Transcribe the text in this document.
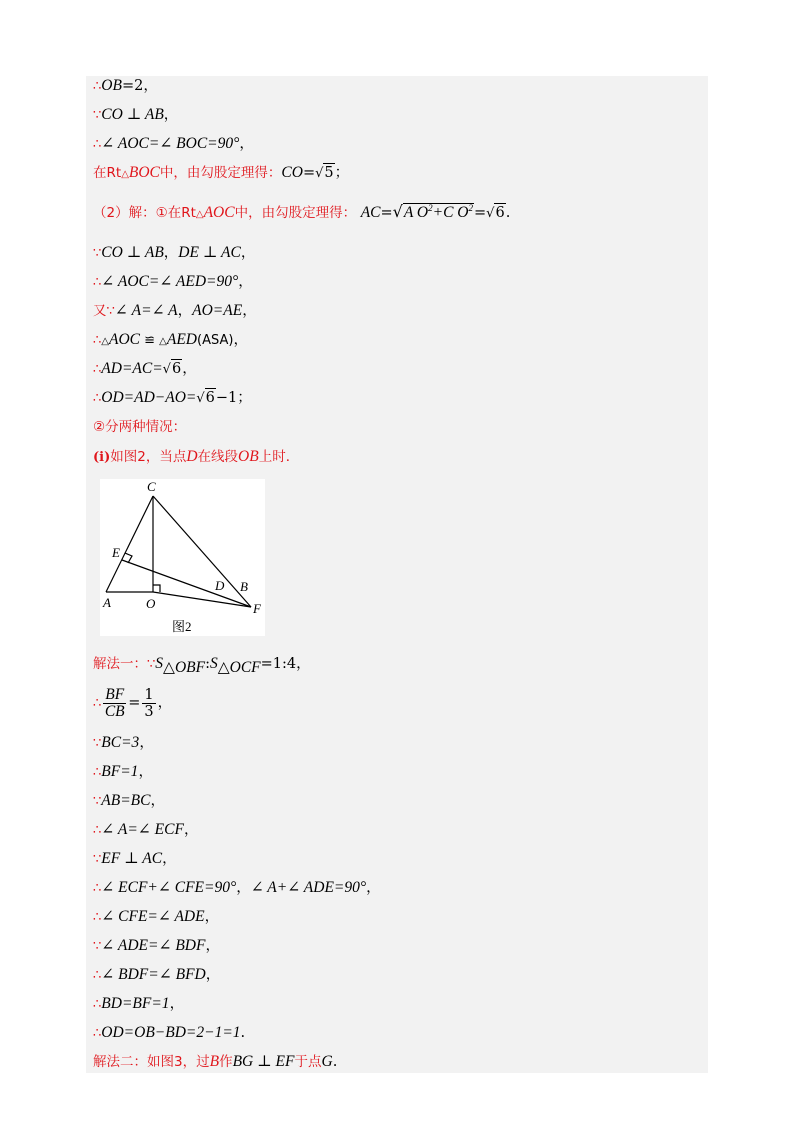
∴OB=2，
∵CO ⊥ AB，
∴∠ AOC=∠ BOC=90°，
在Rt△BOC中，由勾股定理得：CO=√5；
（2）解：①在Rt△AOC中，由勾股定理得： AC=√A $O^2+C$ $O^2=√6$.
∵CO ⊥ AB，DE ⊥ AC，
∴∠ AOC=∠ AED=90°，
又∵∠ A=∠ A，AO=AE，
∴△AOC ≌ △AED(ASA)，
∴AD=AC=√6，
∴OD=AD−AO=√6−1；
②分两种情况：
(i)如图2，当点D在线段OB上时．
C
E
D B
A	O	F
图2
解法一：$\because S_{\triangle OBF}:S_{\triangle OCF}=1:4$，
∴ $\frac{BF}{CB} = \frac{1}{3}$ ，
∵BC=3，
∴BF=1，
∵AB=BC，
∴∠ A=∠ ECF，
∵EF ⊥ AC，
∴∠ ECF+∠ CFE=90°，∠ A+∠ ADE=90°，
∴∠ CFE=∠ ADE，
∵∠ ADE=∠ BDF，
∴∠ BDF=∠ BFD，
∴BD=BF=1，
∴OD=OB−BD=2−1=1.
解法二：如图3，过B作BG ⊥ EF于点G.
